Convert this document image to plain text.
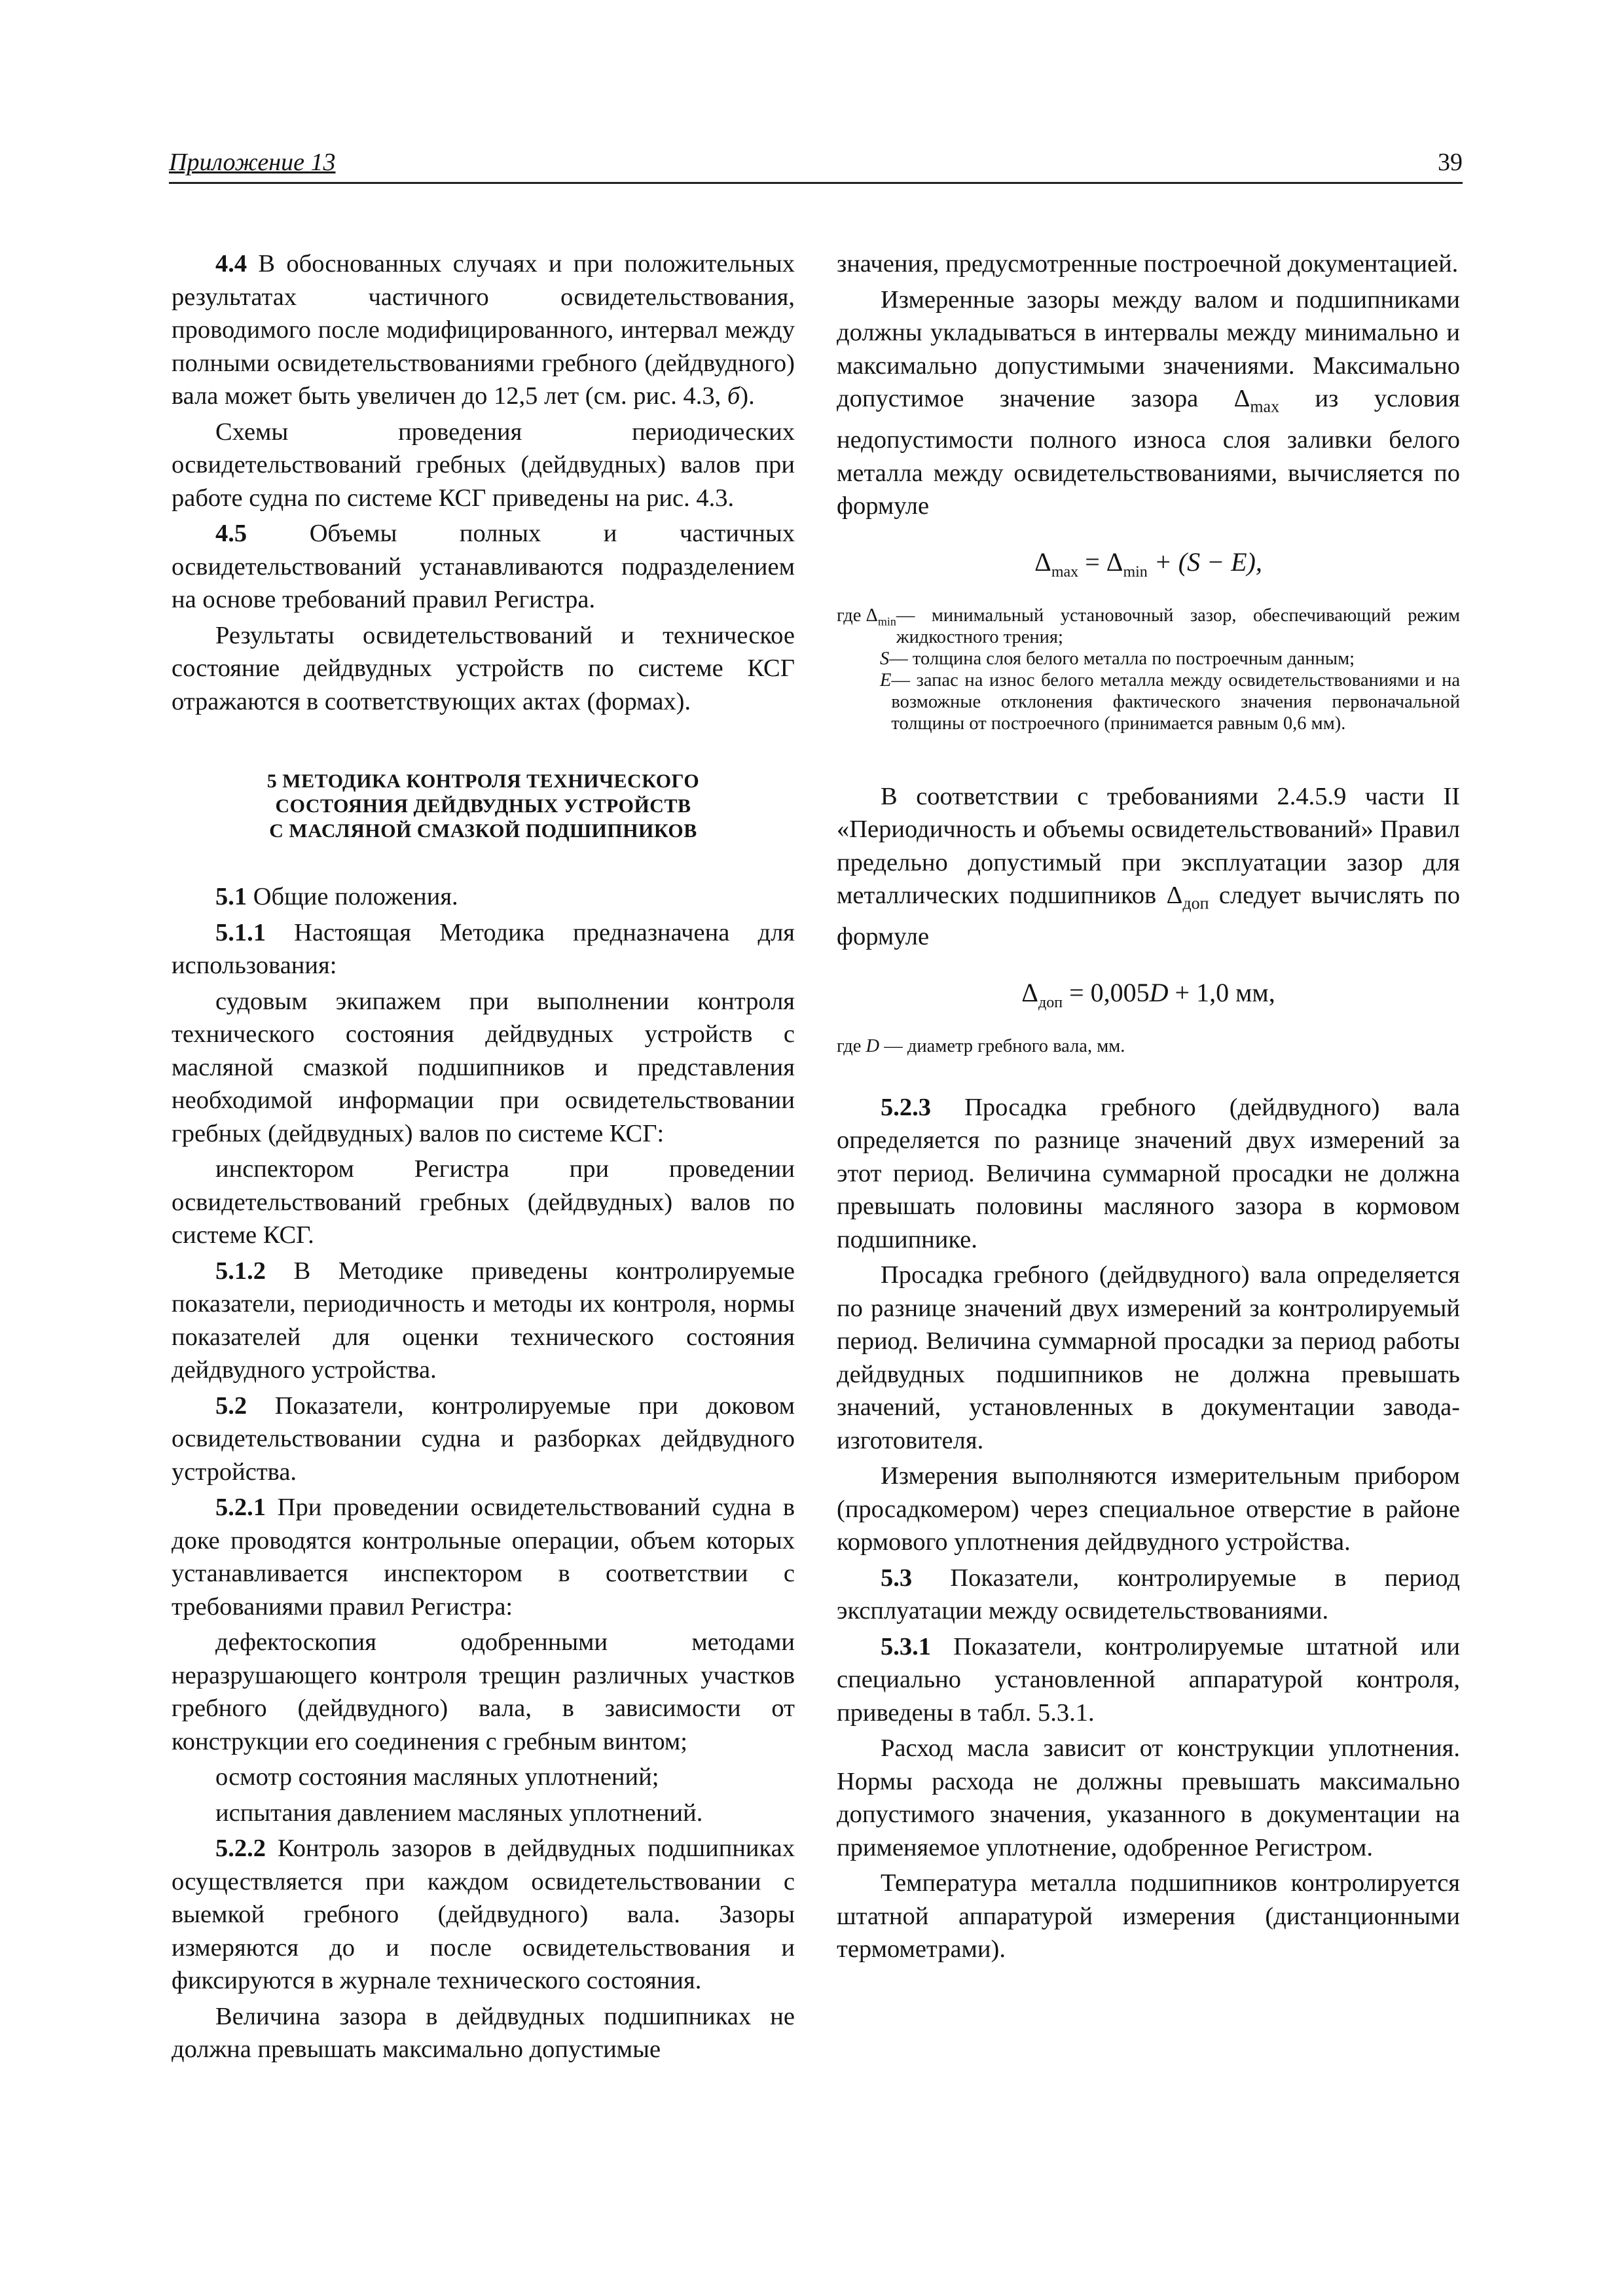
Приложение 13	39

4.4 В обоснованных случаях и при положительных результатах частичного освидетельствования, проводимого после модифицированного, интервал между полными освидетельствованиями гребного (дейдвудного) вала может быть увеличен до 12,5 лет (см. рис. 4.3, б).

Схемы проведения периодических освидетельствований гребных (дейдвудных) валов при работе судна по системе КСГ приведены на рис. 4.3.

4.5 Объемы полных и частичных освидетельствований устанавливаются подразделением на основе требований правил Регистра.

Результаты освидетельствований и техническое состояние дейдвудных устройств по системе КСГ отражаются в соответствующих актах (формах).

5 МЕТОДИКА КОНТРОЛЯ ТЕХНИЧЕСКОГО
СОСТОЯНИЯ ДЕЙДВУДНЫХ УСТРОЙСТВ
С МАСЛЯНОЙ СМАЗКОЙ ПОДШИПНИКОВ

5.1 Общие положения.

5.1.1 Настоящая Методика предназначена для использования:

судовым экипажем при выполнении контроля технического состояния дейдвудных устройств с масляной смазкой подшипников и представления необходимой информации при освидетельствовании гребных (дейдвудных) валов по системе КСГ:

инспектором Регистра при проведении освидетельствований гребных (дейдвудных) валов по системе КСГ.

5.1.2 В Методике приведены контролируемые показатели, периодичность и методы их контроля, нормы показателей для оценки технического состояния дейдвудного устройства.

5.2 Показатели, контролируемые при доковом освидетельствовании судна и разборках дейдвудного устройства.

5.2.1 При проведении освидетельствований судна в доке проводятся контрольные операции, объем которых устанавливается инспектором в соответствии с требованиями правил Регистра:

дефектоскопия одобренными методами неразрушающего контроля трещин различных участков гребного (дейдвудного) вала, в зависимости от конструкции его соединения с гребным винтом;

осмотр состояния масляных уплотнений;

испытания давлением масляных уплотнений.

5.2.2 Контроль зазоров в дейдвудных подшипниках осуществляется при каждом освидетельствовании с выемкой гребного (дейдвудного) вала. Зазоры измеряются до и после освидетельствования и фиксируются в журнале технического состояния.

Величина зазора в дейдвудных подшипниках не должна превышать максимально допустимые

значения, предусмотренные построечной документацией.

Измеренные зазоры между валом и подшипниками должны укладываться в интервалы между минимально и максимально допустимыми значениями. Максимально допустимое значение зазора $\Delta_{max}$ из условия недопустимости полного износа слоя заливки белого металла между освидетельствованиями, вычисляется по формуле

$\Delta_{max} = \Delta_{min} + (S - E)$,
где $\Delta_{min}$ — минимальный установочный зазор, обеспечивающий режим жидкостного трения;
S — толщина слоя белого металла по построечным данным;
E — запас на износ белого металла между освидетельствованиями и на возможные отклонения фактического значения первоначальной толщины от построечного (принимается равным 0,6 мм).

В соответствии с требованиями 2.4.5.9 части II «Периодичность и объемы освидетельствований» Правил предельно допустимый при эксплуатации зазор для металлических подшипников $\Delta_{доп}$ следует вычислять по формуле

$\Delta_{доп} = 0,005D + 1,0$ мм,
где D — диаметр гребного вала, мм.

5.2.3 Просадка гребного (дейдвудного) вала определяется по разнице значений двух измерений за этот период. Величина суммарной просадки не должна превышать половины масляного зазора в кормовом подшипнике.

Просадка гребного (дейдвудного) вала определяется по разнице значений двух измерений за контролируемый период. Величина суммарной просадки за период работы дейдвудных подшипников не должна превышать значений, установленных в документации завода-изготовителя.

Измерения выполняются измерительным прибором (просадкомером) через специальное отверстие в районе кормового уплотнения дейдвудного устройства.

5.3 Показатели, контролируемые в период эксплуатации между освидетельствованиями.

5.3.1 Показатели, контролируемые штатной или специально установленной аппаратурой контроля, приведены в табл. 5.3.1.

Расход масла зависит от конструкции уплотнения. Нормы расхода не должны превышать максимально допустимого значения, указанного в документации на применяемое уплотнение, одобренное Регистром.

Температура металла подшипников контролируется штатной аппаратурой измерения (дистанционными термометрами).
